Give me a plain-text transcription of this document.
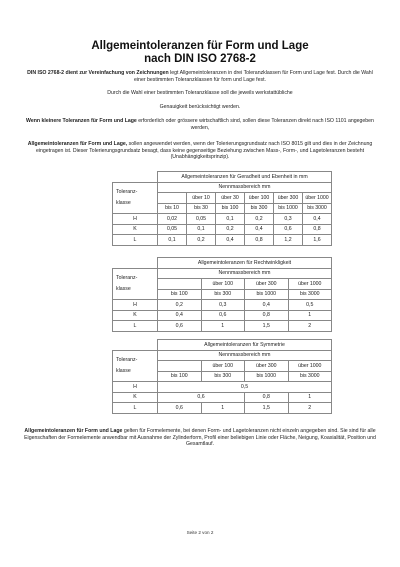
Allgemeintoleranzen für Form und Lage
nach DIN ISO 2768-2

DIN ISO 2768-2 dient zur Vereinfachung von Zeichnungen legt Allgemeintoleranzen in drei Toleranzklassen für Form und Lage fest. Durch die Wahl einer bestimmten Toleranzklassen für form und Lage fest.

Durch die Wahl einer bestimmten Toleranzklasse soll die jeweils werkstattübliche

Genauigkeit berücksichtigt werden.

Wenn kleinere Toleranzen für Form und Lage erforderlich oder grössere wirtschaftlich sind, sollen diese Toleranzen direkt nach ISO 1101 angegeben werden,

Allgemeintoleranzen für Form und Lage, sollen angewendet werden, wenn der Tolerierungsgrundsatz nach ISO 8015 gilt und dies in der Zeichnung eingetragen ist. Dieser Tolerierungsgrundsatz besagt, dass keine gegenseitige Beziehung zwischen Mass-, Form-, und Lagetoleranzen besteht (Unabhängigkeitsprinzip).

	Allgemeintoleranzen für Geradheit und Ebenheit in mm					
Toleranz-
klasse	Nennmassbereich mm					
		über 10	über 30	über 100	über 300	über 1000
	bis 10	bis 30	bis 100	bis 300	bis 1000	bis 3000
H	0,02	0,05	0,1	0,2	0,3	0,4
K	0,05	0,1	0,2	0,4	0,6	0,8
L	0,1	0,2	0,4	0,8	1,2	1,6
	Allgemeintoleranzen für Rechtwinkligkeit			
Toleranz-
klasse	Nennmassbereich mm			
		über 100	über 300	über 1000
	bis 100	bis 300	bis 1000	bis 3000
H	0,2	0,3	0,4	0,5
K	0,4	0,6	0,8	1
L	0,6	1	1,5	2
	Allgemeintoleranzen für Symmetrie			
Toleranz-
klasse	Nennmassbereich mm			
		über 100	über 300	über 1000
	bis 100	bis 300	bis 1000	bis 3000
H	0,5			
K	0,6		0,8	1
L	0,6	1	1,5	2

Allgemeintoleranzen für Form und Lage gelten für Formelemente, bei denen Form- und Lagetoleranzen nicht einzeln angegeben sind. Sie sind für alle Eigenschaften der Formelemente anwendbar mit Ausnahme der Zylinderform, Profil einer beliebigen Linie oder Fläche, Neigung, Koaxialität, Position und Gesamtlauf.

Seite 2 von 2
